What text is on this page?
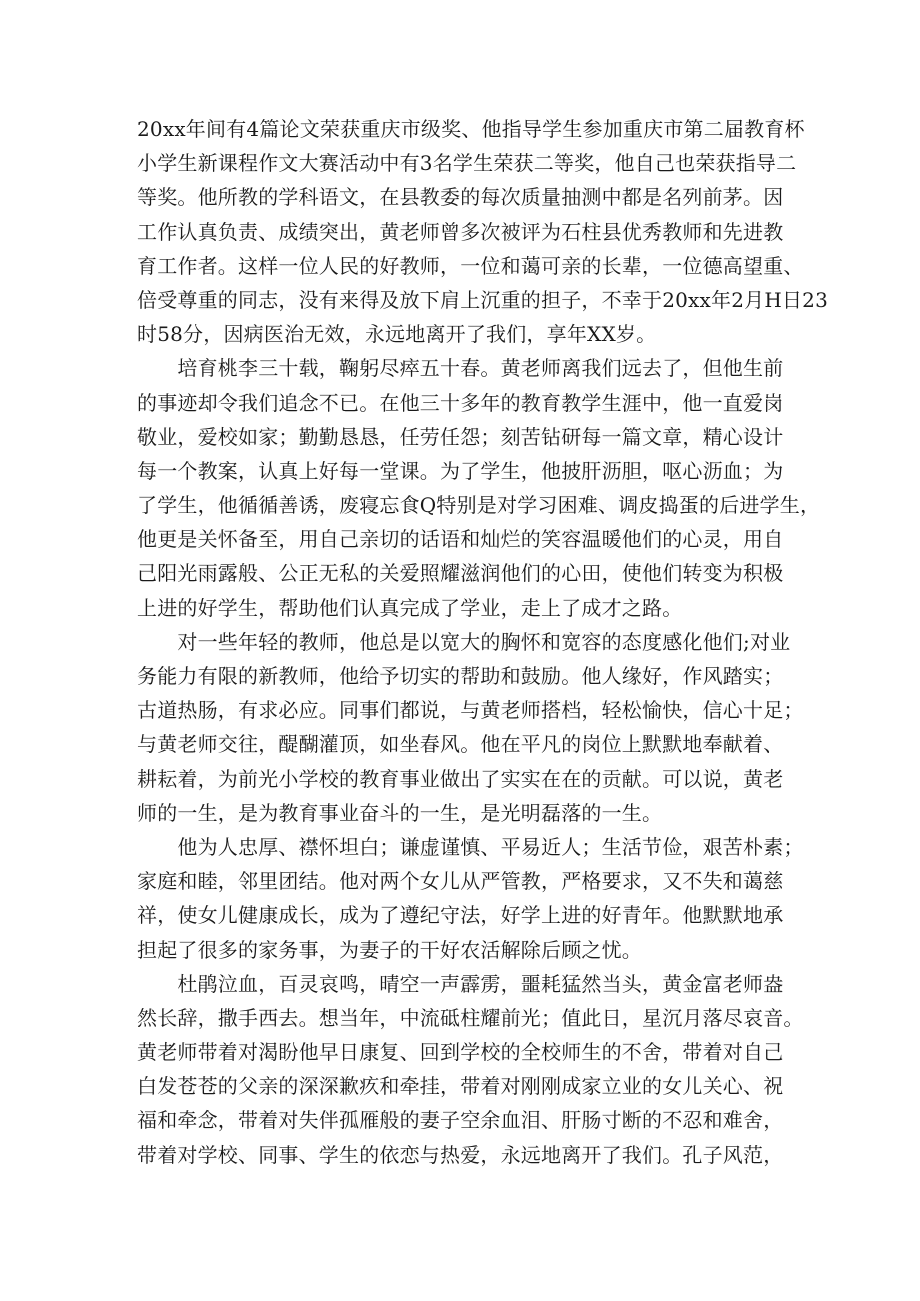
20xx年间有4篇论文荣获重庆市级奖、他指导学生参加重庆市第二届教育杯
小学生新课程作文大赛活动中有3名学生荣获二等奖，他自己也荣获指导二
等奖。他所教的学科语文，在县教委的每次质量抽测中都是名列前茅。因
工作认真负责、成绩突出，黄老师曾多次被评为石柱县优秀教师和先进教
育工作者。这样一位人民的好教师，一位和蔼可亲的长辈，一位德高望重、
倍受尊重的同志，没有来得及放下肩上沉重的担子，不幸于20xx年2月H日23
时58分，因病医治无效，永远地离开了我们，享年XX岁。
　　培育桃李三十载，鞠躬尽瘁五十春。黄老师离我们远去了，但他生前
的事迹却令我们追念不已。在他三十多年的教育教学生涯中，他一直爱岗
敬业，爱校如家；勤勤恳恳，任劳任怨；刻苦钻研每一篇文章，精心设计
每一个教案，认真上好每一堂课。为了学生，他披肝沥胆，呕心沥血；为
了学生，他循循善诱，废寝忘食Q特别是对学习困难、调皮捣蛋的后进学生，
他更是关怀备至，用自己亲切的话语和灿烂的笑容温暖他们的心灵，用自
己阳光雨露般、公正无私的关爱照耀滋润他们的心田，使他们转变为积极
上进的好学生，帮助他们认真完成了学业，走上了成才之路。
　　对一些年轻的教师，他总是以宽大的胸怀和宽容的态度感化他们;对业
务能力有限的新教师，他给予切实的帮助和鼓励。他人缘好，作风踏实；
古道热肠，有求必应。同事们都说，与黄老师搭档，轻松愉快，信心十足；
与黄老师交往，醍醐灌顶，如坐春风。他在平凡的岗位上默默地奉献着、
耕耘着，为前光小学校的教育事业做出了实实在在的贡献。可以说，黄老
师的一生，是为教育事业奋斗的一生，是光明磊落的一生。
　　他为人忠厚、襟怀坦白；谦虚谨慎、平易近人；生活节俭，艰苦朴素；
家庭和睦，邻里团结。他对两个女儿从严管教，严格要求，又不失和蔼慈
祥，使女儿健康成长，成为了遵纪守法，好学上进的好青年。他默默地承
担起了很多的家务事，为妻子的干好农活解除后顾之忧。
　　杜鹃泣血，百灵哀鸣，晴空一声霹雳，噩耗猛然当头，黄金富老师盎
然长辞，撒手西去。想当年，中流砥柱耀前光；值此日，星沉月落尽哀音。
黄老师带着对渴盼他早日康复、回到学校的全校师生的不舍，带着对自己
白发苍苍的父亲的深深歉疚和牵挂，带着对刚刚成家立业的女儿关心、祝
福和牵念，带着对失伴孤雁般的妻子空余血泪、肝肠寸断的不忍和难舍，
带着对学校、同事、学生的依恋与热爱，永远地离开了我们。孔子风范，
